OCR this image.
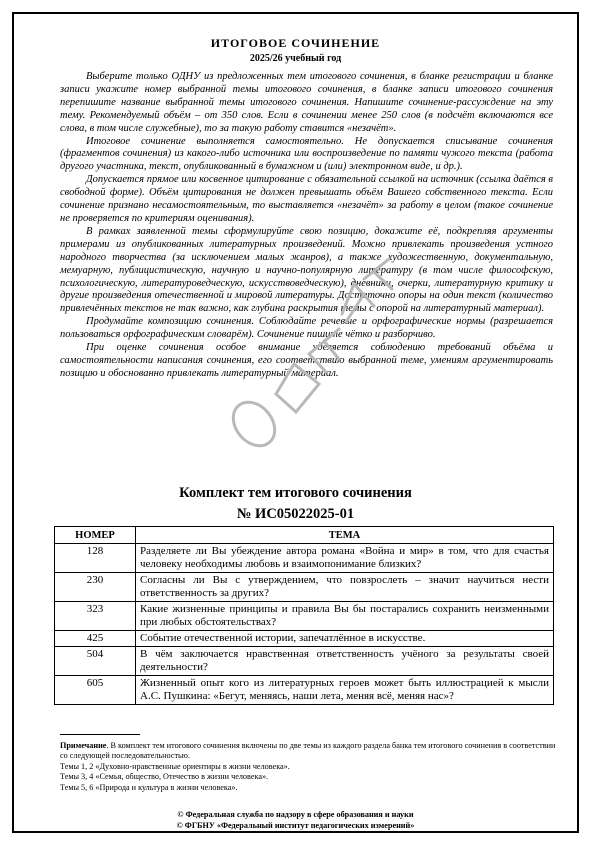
ИТОГОВОЕ СОЧИНЕНИЕ
2025/26 учебный год

Выберите только ОДНУ из предложенных тем итогового сочинения, в бланке регистрации и бланке записи укажите номер выбранной темы итогового сочинения, в бланке записи итогового сочинения перепишите название выбранной темы итогового сочинения. Напишите сочинение-рассуждение на эту тему. Рекомендуемый объём – от 350 слов. Если в сочинении менее 250 слов (в подсчёт включаются все слова, в том числе служебные), то за такую работу ставится «незачёт».

Итоговое сочинение выполняется самостоятельно. Не допускается списывание сочинения (фрагментов сочинения) из какого-либо источника или воспроизведение по памяти чужого текста (работа другого участника, текст, опубликованный в бумажном и (или) электронном виде, и др.).

Допускается прямое или косвенное цитирование с обязательной ссылкой на источник (ссылка даётся в свободной форме). Объём цитирования не должен превышать объём Вашего собственного текста. Если сочинение признано несамостоятельным, то выставляется «незачёт» за работу в целом (такое сочинение не проверяется по критериям оценивания).

В рамках заявленной темы сформулируйте свою позицию, докажите её, подкрепляя аргументы примерами из опубликованных литературных произведений. Можно привлекать произведения устного народного творчества (за исключением малых жанров), а также художественную, документальную, мемуарную, публицистическую, научную и научно-популярную литературу (в том числе философскую, психологическую, литературоведческую, искусствоведческую), дневники, очерки, литературную критику и другие произведения отечественной и мировой литературы. Достаточно опоры на один текст (количество привлечённых текстов не так важно, как глубина раскрытия темы с опорой на литературный материал).

Продумайте композицию сочинения. Соблюдайте речевые и орфографические нормы (разрешается пользоваться орфографическим словарём). Сочинение пишите чётко и разборчиво.

При оценке сочинения особое внимание уделяется соблюдению требований объёма и самостоятельности написания сочинения, его соответствию выбранной теме, умениям аргументировать позицию и обоснованно привлекать литературный материал.

Комплект тем итогового сочинения
№ ИС05022025-01
НОМЕР	ТЕМА
128	Разделяете ли Вы убеждение автора романа «Война и мир» в том, что для счастья человеку необходимы любовь и взаимопонимание близких?
230	Согласны ли Вы с утверждением, что повзрослеть – значит научиться нести ответственность за других?
323	Какие жизненные принципы и правила Вы бы постарались сохранить неизменными при любых обстоятельствах?
425	Событие отечественной истории, запечатлённое в искусстве.
504	В чём заключается нравственная ответственность учёного за результаты своей деятельности?
605	Жизненный опыт кого из литературных героев может быть иллюстрацией к мысли А.С. Пушкина: «Бегут, меняясь, наши лета, меняя всё, меняя нас»?

Примечание. В комплект тем итогового сочинения включены по две темы из каждого раздела банка тем итогового сочинения в соответствии со следующей последовательностью.

Темы 1, 2 «Духовно-нравственные ориентиры в жизни человека».

Темы 3, 4 «Семья, общество, Отечество в жизни человека».

Темы 5, 6 «Природа и культура в жизни человека».

© Федеральная служба по надзору в сфере образования и науки
© ФГБНУ «Федеральный институт педагогических измерений»
